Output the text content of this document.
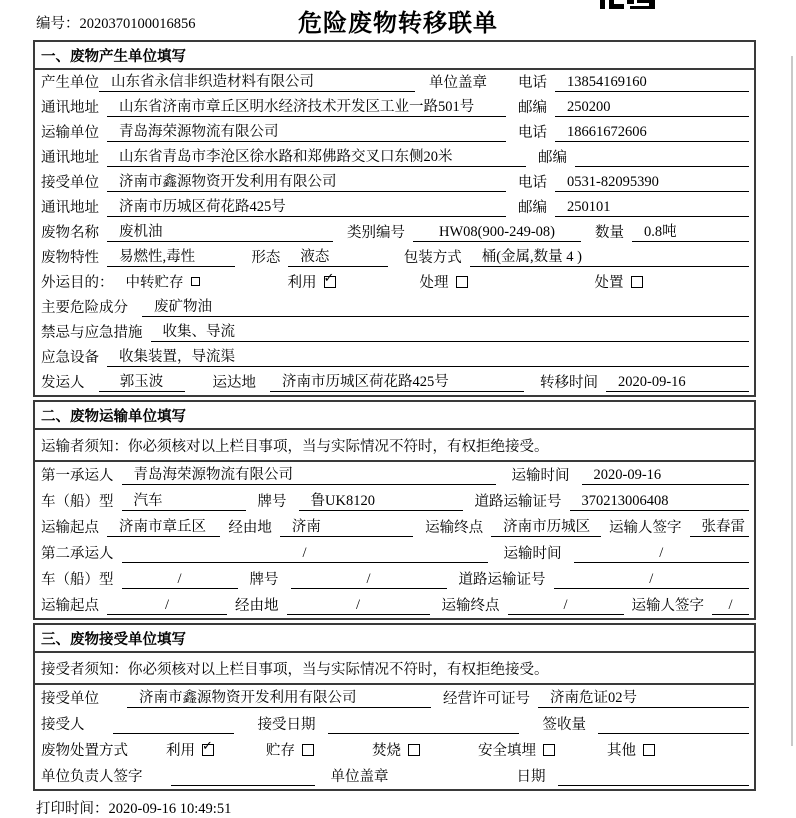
编号：2020370100016856	危险废物转移联单
一、废物产生单位填写
产生单位 山东省永信非织造材料有限公司	单位盖章 电话	13854169160
通讯地址	山东省济南市章丘区明水经济技术开发区工业一路501号	邮编	250200
运输单位	青岛海荣源物流有限公司	电话	18661672606
通讯地址	山东省青岛市李沧区徐水路和郑佛路交叉口东侧20米	邮编
接受单位	济南市鑫源物资开发利用有限公司	电话	0531-82095390
通讯地址	济南市历城区荷花路425号	邮编	250101
废物名称	废机油	类别编号	HW08(900-249-08)	数量	0.8吨
废物特性	易燃性,毒性	形态	液态	包装方式	桶(金属,数量 4 )
外运目的： 中转贮存	利用 ✓	处理	处置
主要危险成分	废矿物油
禁忌与应急措施	收集、导流
应急设备	收集装置，导流渠
发运人	郭玉波	运达地	济南市历城区荷花路425号	转移时间	2020-09-16
二、废物运输单位填写
运输者须知：你必须核对以上栏目事项，当与实际情况不符时，有权拒绝接受。
第一承运人	青岛海荣源物流有限公司	运输时间	2020-09-16
车（船）型	汽车	牌号	鲁UK8120	道路运输证号	370213006408
运输起点	济南市章丘区	经由地	济南	运输终点	济南市历城区	运输人签字	张春雷
第二承运人	/	运输时间	/
车（船）型	/	牌号	/	道路运输证号	/
运输起点	/	经由地	/	运输终点	/	运输人签字	/
三、废物接受单位填写
接受者须知：你必须核对以上栏目事项，当与实际情况不符时，有权拒绝接受。
接受单位	济南市鑫源物资开发利用有限公司	经营许可证号	济南危证02号
接受人	接受日期	签收量
废物处置方式	利用 ✓	贮存	焚烧	安全填埋	其他
单位负责人签字	单位盖章	日期
打印时间：2020-09-16 10:49:51
